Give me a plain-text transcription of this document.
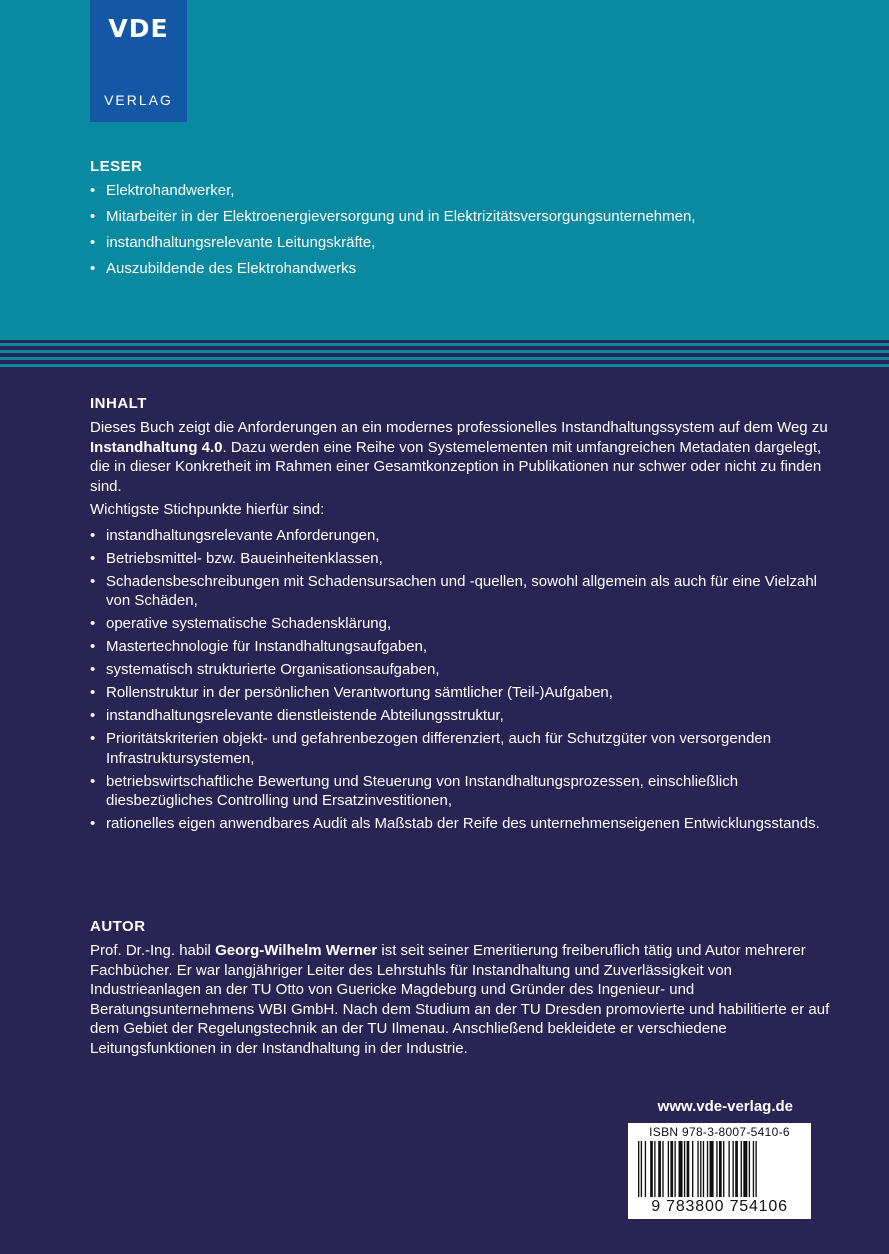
VDE
VERLAG
LESER
• Elektrohandwerker,
• Mitarbeiter in der Elektroenergieversorgung und in Elektrizitätsversorgungsunternehmen,
• instandhaltungsrelevante Leitungskräfte,
• Auszubildende des Elektrohandwerks
INHALT

Dieses Buch zeigt die Anforderungen an ein modernes professionelles Instandhaltungssystem auf dem Weg zu Instandhaltung 4.0. Dazu werden eine Reihe von Systemelementen mit umfangreichen Metadaten dargelegt, die in dieser Konkretheit im Rahmen einer Gesamtkonzeption in Publikationen nur schwer oder nicht zu finden sind.

Wichtigste Stichpunkte hierfür sind:

• instandhaltungsrelevante Anforderungen,
• Betriebsmittel- bzw. Baueinheitenklassen,
• Schadensbeschreibungen mit Schadensursachen und -quellen, sowohl allgemein als auch für eine Vielzahl von Schäden,
• operative systematische Schadensklärung,
• Mastertechnologie für Instandhaltungsaufgaben,
• systematisch strukturierte Organisationsaufgaben,
• Rollenstruktur in der persönlichen Verantwortung sämtlicher (Teil-)Aufgaben,
• instandhaltungsrelevante dienstleistende Abteilungsstruktur,
• Prioritätskriterien objekt- und gefahrenbezogen differenziert, auch für Schutzgüter von versorgenden Infrastruktursystemen,
• betriebswirtschaftliche Bewertung und Steuerung von Instandhaltungsprozessen, einschließlich diesbezügliches Controlling und Ersatzinvestitionen,
• rationelles eigen anwendbares Audit als Maßstab der Reife des unternehmenseigenen Entwicklungsstands.
AUTOR

Prof. Dr.-Ing. habil Georg-Wilhelm Werner ist seit seiner Emeritierung freiberuflich tätig und Autor mehrerer Fachbücher. Er war langjähriger Leiter des Lehrstuhls für Instandhaltung und Zuverlässigkeit von Industrieanlagen an der TU Otto von Guericke Magdeburg und Gründer des Ingenieur- und Beratungsunternehmens WBI GmbH. Nach dem Studium an der TU Dresden promovierte und habilitierte er auf dem Gebiet der Regelungstechnik an der TU Ilmenau. Anschließend bekleidete er verschiedene Leitungsfunktionen in der Instandhaltung in der Industrie.

www.vde-verlag.de
ISBN 978-3-8007-5410-6
9 783800 754106
